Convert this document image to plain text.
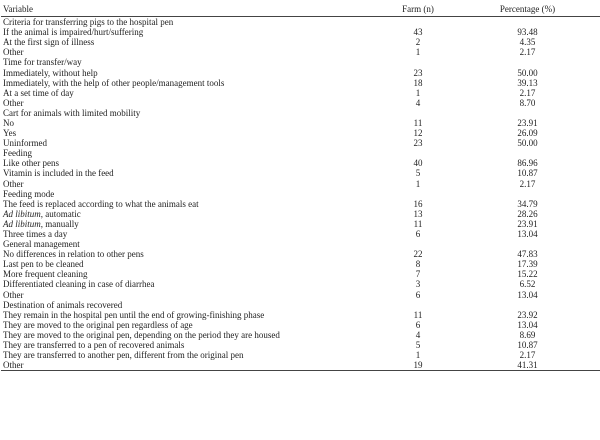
Variable	Farm (n)	Percentage (%)
Criteria for transferring pigs to the hospital pen		
If the animal is impaired/hurt/suffering	43	93.48
At the first sign of illness	2	4.35
Other	1	2.17
Time for transfer/way		
Immediately, without help	23	50.00
Immediately, with the help of other people/management tools	18	39.13
At a set time of day	1	2.17
Other	4	8.70
Cart for animals with limited mobility		
No	11	23.91
Yes	12	26.09
Uninformed	23	50.00
Feeding		
Like other pens	40	86.96
Vitamin is included in the feed	5	10.87
Other	1	2.17
Feeding mode		
The feed is replaced according to what the animals eat	16	34.79
Ad libitum, automatic	13	28.26
Ad libitum, manually	11	23.91
Three times a day	6	13.04
General management		
No differences in relation to other pens	22	47.83
Last pen to be cleaned	8	17.39
More frequent cleaning	7	15.22
Differentiated cleaning in case of diarrhea	3	6.52
Other	6	13.04
Destination of animals recovered		
They remain in the hospital pen until the end of growing-finishing phase	11	23.92
They are moved to the original pen regardless of age	6	13.04
They are moved to the original pen, depending on the period they are housed	4	8.69
They are transferred to a pen of recovered animals	5	10.87
They are transferred to another pen, different from the original pen	1	2.17
Other	19	41.31
